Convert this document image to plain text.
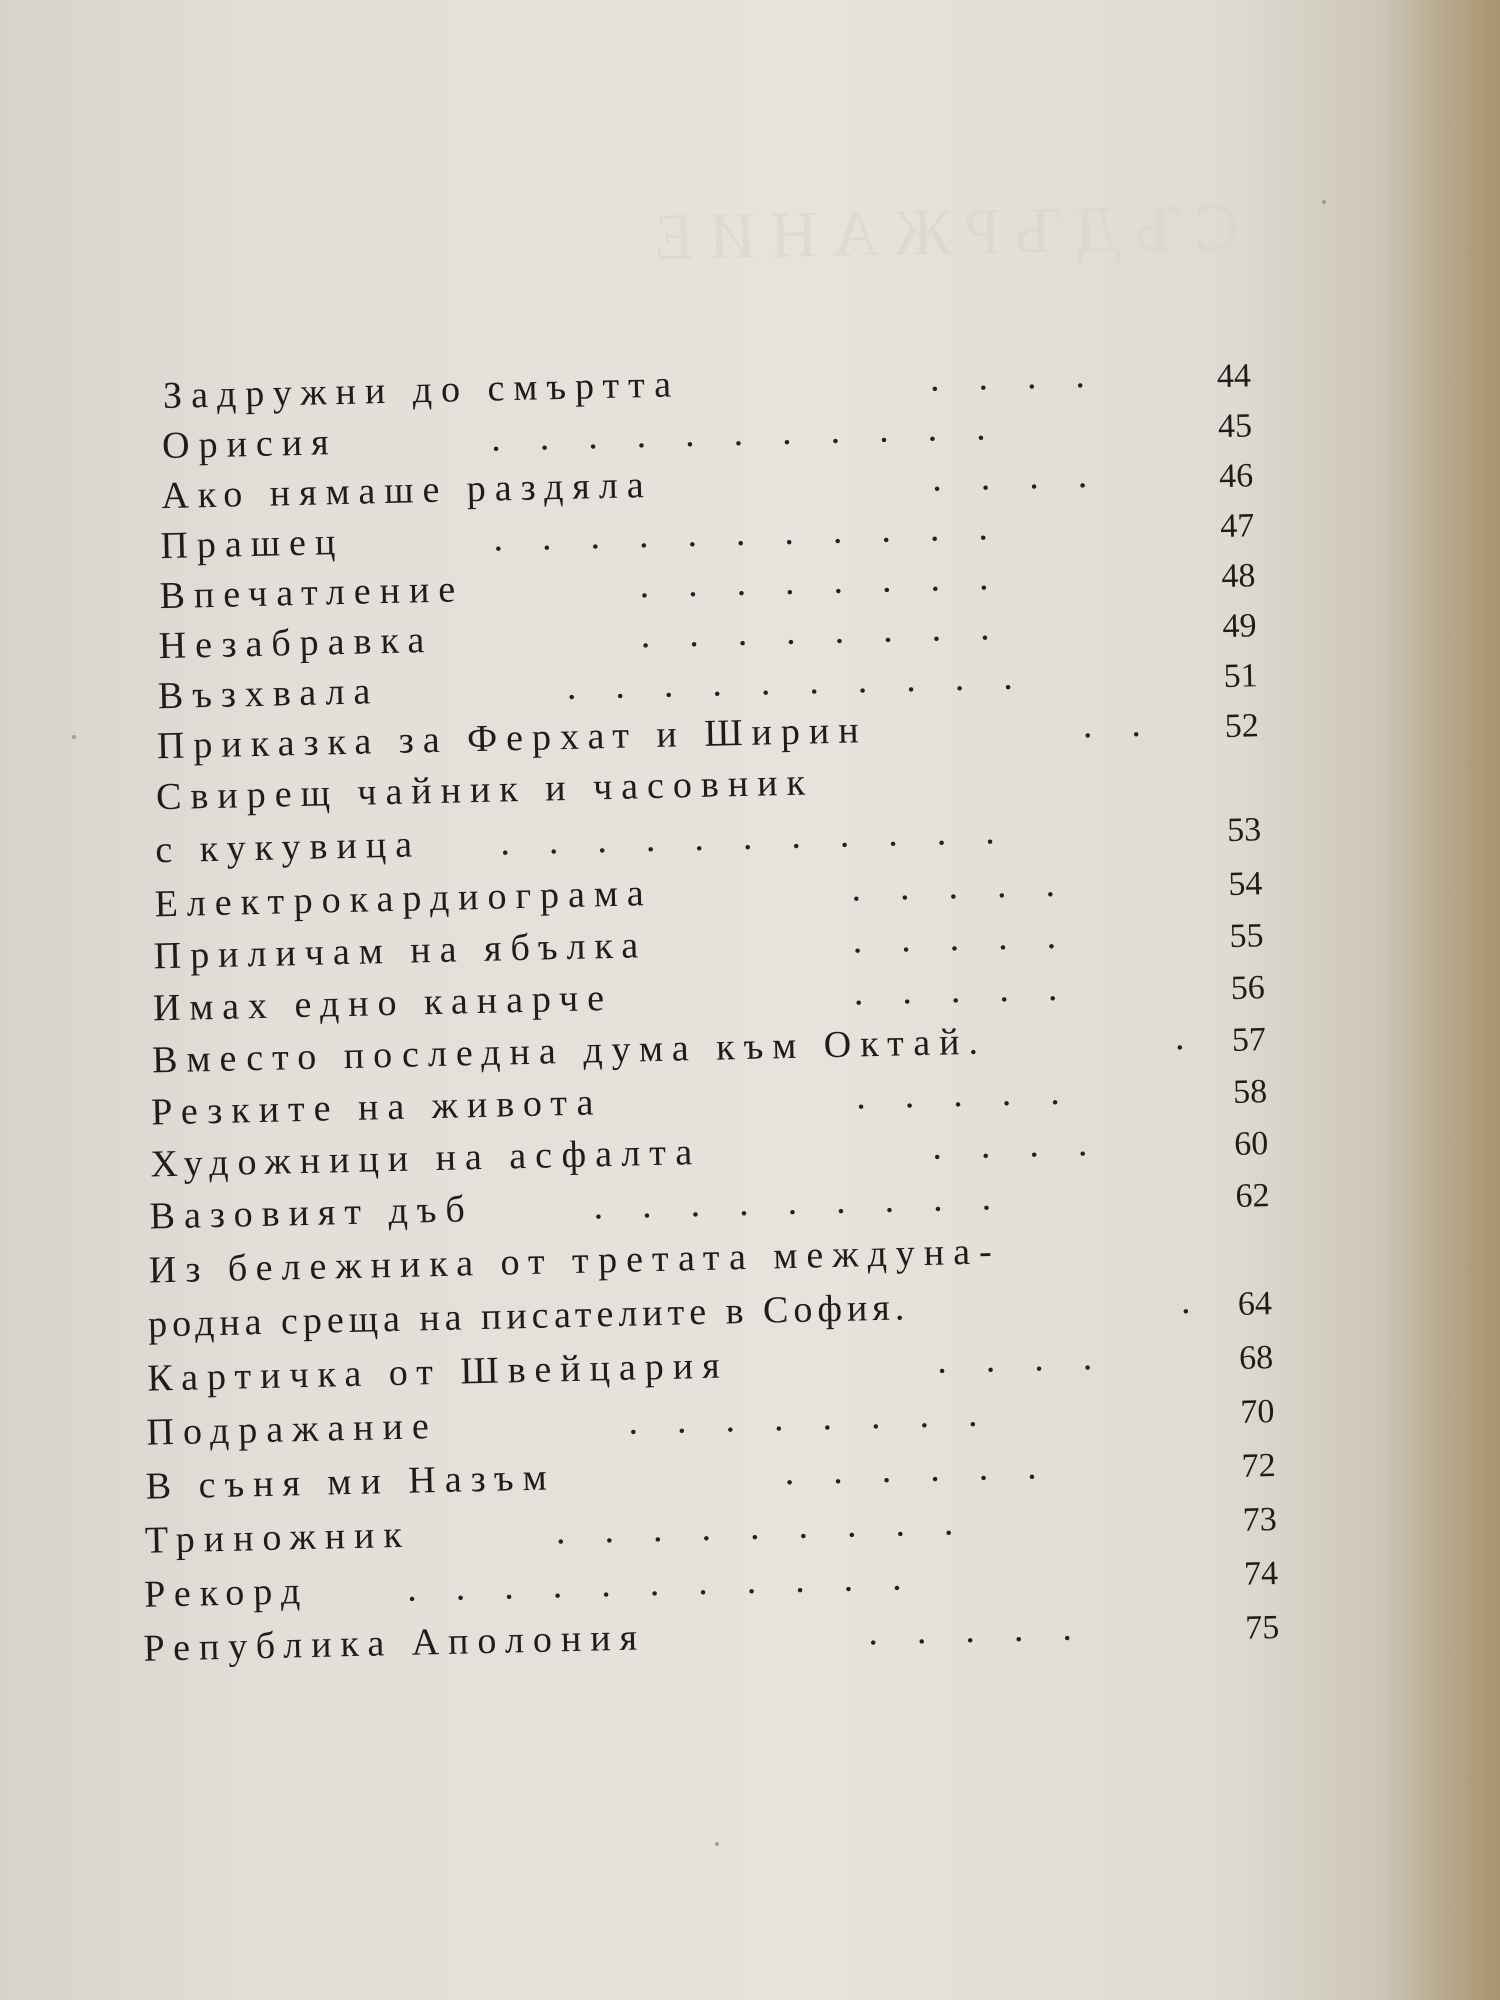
СЪДЪРЖАНИЕ
Задружни до смъртта	....	44
Орисия	...........	45
Ако нямаше раздяла	....	46
Прашец	...........	47
Впечатление	........	48
Незабравка	........	49
Възхвала	..........	51
Приказка за Ферхат и Ширин	.. 52
Свирещ чайник и часовник
с кукувица ...........	53
Електрокардиограма	.....	54
Приличам на ябълка	.....	55
Имах едно канарче	.....	56
Вместо последна дума към Октай.	. 57
Резките на живота	.....	58
Художници на асфалта	....	60
Вазовият дъб	.........	62
Из бележника от третата междуна-
родна среща на писателите в София.	. 64
Картичка от Швейцария	....	68
Подражание	........	70
В съня ми Назъм	......	72
Триножник	.........	73
Рекорд	...........	74
Република Аполония	.....	75
